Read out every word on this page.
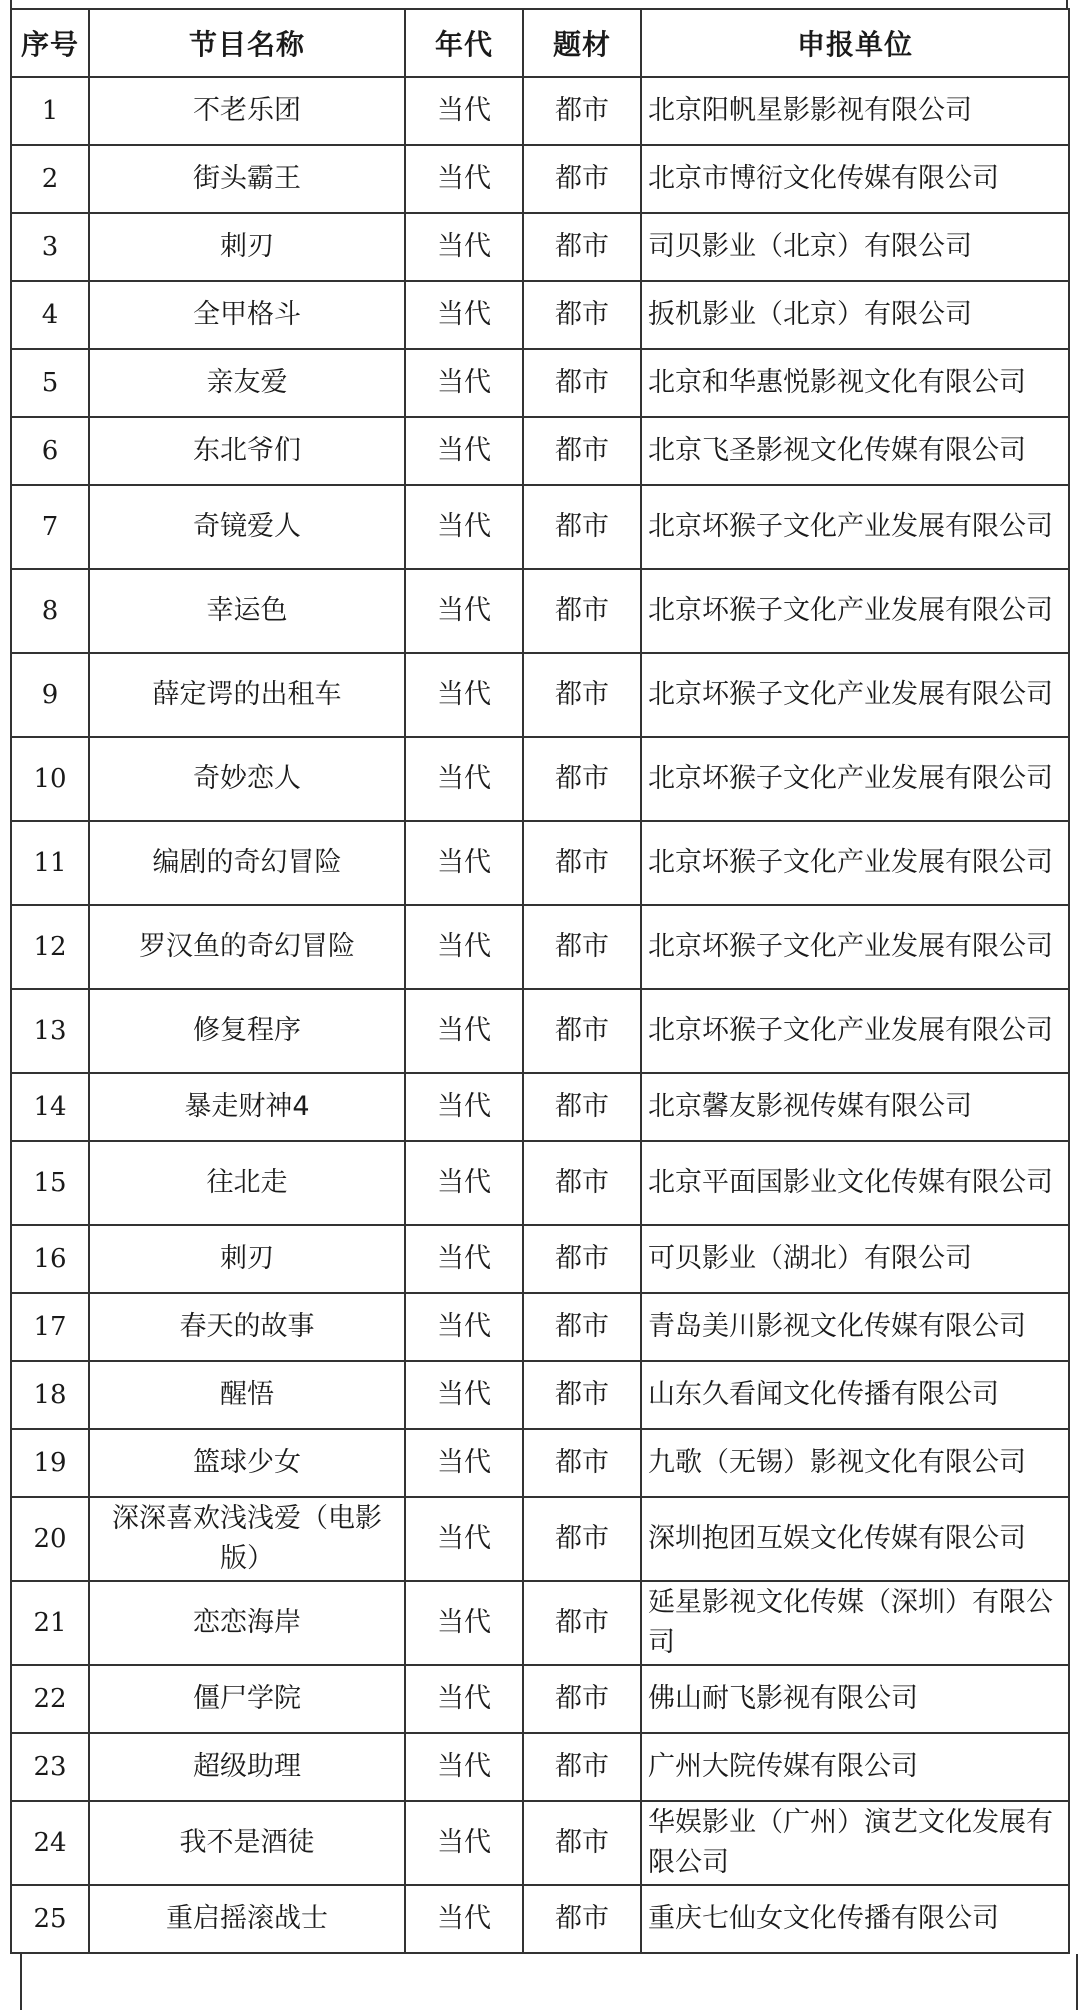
序号	节目名称	年代	题材	申报单位
1	不老乐团	当代	都市	北京阳帆星影影视有限公司
2	街头霸王	当代	都市	北京市博衍文化传媒有限公司
3	刺刃	当代	都市	司贝影业（北京）有限公司
4	全甲格斗	当代	都市	扳机影业（北京）有限公司
5	亲友爱	当代	都市	北京和华惠悦影视文化有限公司
6	东北爷们	当代	都市	北京飞圣影视文化传媒有限公司
7	奇镜爱人	当代	都市	北京坏猴子文化产业发展有限公司
8	幸运色	当代	都市	北京坏猴子文化产业发展有限公司
9	薛定谔的出租车	当代	都市	北京坏猴子文化产业发展有限公司
10	奇妙恋人	当代	都市	北京坏猴子文化产业发展有限公司
11	编剧的奇幻冒险	当代	都市	北京坏猴子文化产业发展有限公司
12	罗汉鱼的奇幻冒险	当代	都市	北京坏猴子文化产业发展有限公司
13	修复程序	当代	都市	北京坏猴子文化产业发展有限公司
14	暴走财神4	当代	都市	北京馨友影视传媒有限公司
15	往北走	当代	都市	北京平面国影业文化传媒有限公司
16	刺刃	当代	都市	可贝影业（湖北）有限公司
17	春天的故事	当代	都市	青岛美川影视文化传媒有限公司
18	醒悟	当代	都市	山东久看闻文化传播有限公司
19	篮球少女	当代	都市	九歌（无锡）影视文化有限公司
20	深深喜欢浅浅爱（电影版）	当代	都市	深圳抱团互娱文化传媒有限公司
21	恋恋海岸	当代	都市	延星影视文化传媒（深圳）有限公司
22	僵尸学院	当代	都市	佛山耐飞影视有限公司
23	超级助理	当代	都市	广州大院传媒有限公司
24	我不是酒徒	当代	都市	华娱影业（广州）演艺文化发展有限公司
25	重启摇滚战士	当代	都市	重庆七仙女文化传播有限公司
